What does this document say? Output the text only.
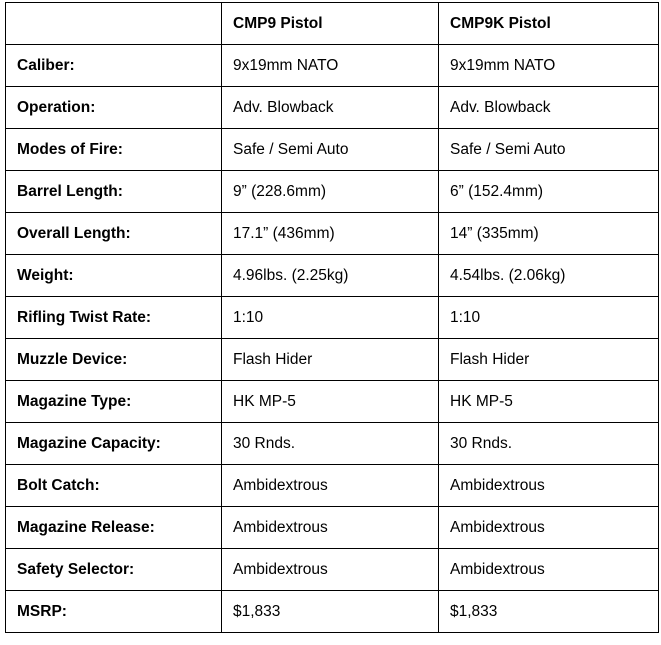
	CMP9 Pistol	CMP9K Pistol
Caliber:	9x19mm NATO	9x19mm NATO
Operation:	Adv. Blowback	Adv. Blowback
Modes of Fire:	Safe / Semi Auto	Safe / Semi Auto
Barrel Length:	9” (228.6mm)	6” (152.4mm)
Overall Length:	17.1” (436mm)	14” (335mm)
Weight:	4.96lbs. (2.25kg)	4.54lbs. (2.06kg)
Rifling Twist Rate:	1:10	1:10
Muzzle Device:	Flash Hider	Flash Hider
Magazine Type:	HK MP-5	HK MP-5
Magazine Capacity:	30 Rnds.	30 Rnds.
Bolt Catch:	Ambidextrous	Ambidextrous
Magazine Release:	Ambidextrous	Ambidextrous
Safety Selector:	Ambidextrous	Ambidextrous
MSRP:	$1,833	$1,833
